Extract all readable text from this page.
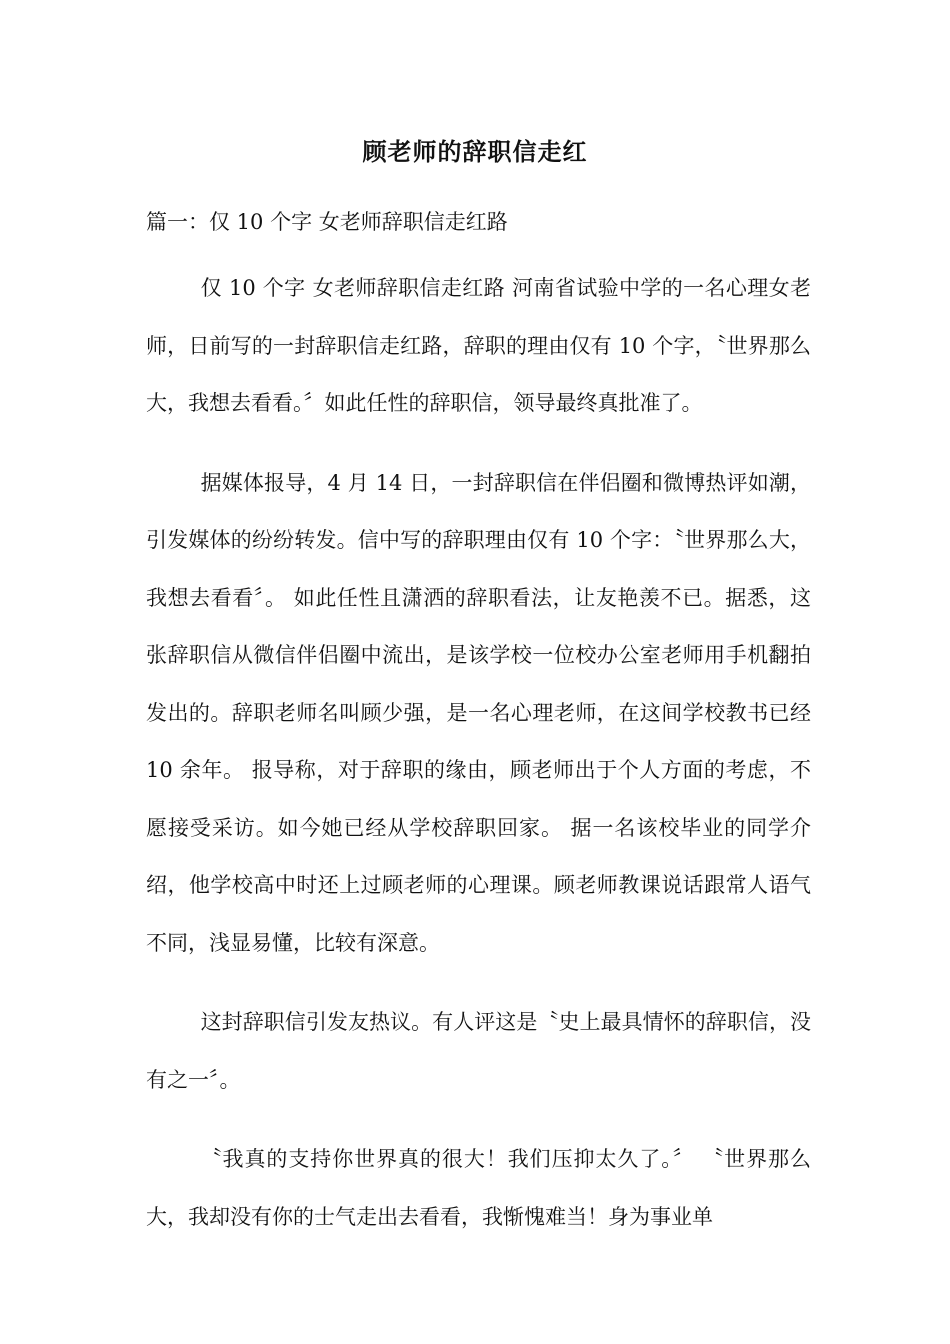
顾老师的辞职信走红
篇一：仅 10 个字 女老师辞职信走红路

仅 10 个字 女老师辞职信走红路 河南省试验中学的一名心理女老师，日前写的一封辞职信走红路，辞职的理由仅有 10 个字，〝世界那么大，我想去看看。〞如此任性的辞职信，领导最终真批准了。

据媒体报导，4 月 14 日，一封辞职信在伴侣圈和微博热评如潮，引发媒体的纷纷转发。信中写的辞职理由仅有 10 个字：〝世界那么大，我想去看看〞。 如此任性且潇洒的辞职看法，让友艳羡不已。据悉，这张辞职信从微信伴侣圈中流出，是该学校一位校办公室老师用手机翻拍发出的。辞职老师名叫顾少强，是一名心理老师，在这间学校教书已经 10 余年。 报导称，对于辞职的缘由，顾老师出于个人方面的考虑，不愿接受采访。如今她已经从学校辞职回家。 据一名该校毕业的同学介绍，他学校高中时还上过顾老师的心理课。顾老师教课说话跟常人语气不同，浅显易懂，比较有深意。

这封辞职信引发友热议。有人评这是〝史上最具情怀的辞职信，没有之一〞。

〝我真的支持你世界真的很大！我们压抑太久了。〞 〝世界那么大，我却没有你的士气走出去看看，我惭愧难当！身为事业单
